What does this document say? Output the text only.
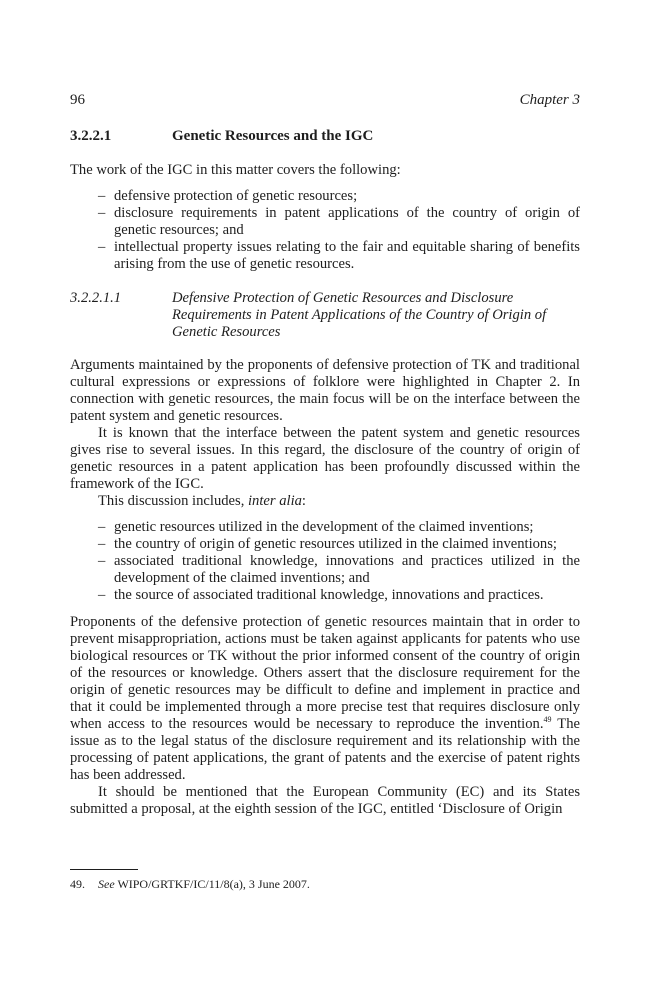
96	Chapter 3
3.2.2.1	Genetic Resources and the IGC

The work of the IGC in this matter covers the following:

– defensive protection of genetic resources;
– disclosure requirements in patent applications of the country of origin of genetic resources; and
– intellectual property issues relating to the fair and equitable sharing of benefits arising from the use of genetic resources.
3.2.2.1.1	Defensive Protection of Genetic Resources and Disclosure Requirements in Patent Applications of the Country of Origin of Genetic Resources

Arguments maintained by the proponents of defensive protection of TK and traditional cultural expressions or expressions of folklore were highlighted in Chapter 2. In connection with genetic resources, the main focus will be on the interface between the patent system and genetic resources.

It is known that the interface between the patent system and genetic resources gives rise to several issues. In this regard, the disclosure of the country of origin of genetic resources in a patent application has been profoundly discussed within the framework of the IGC.

This discussion includes, inter alia:

– genetic resources utilized in the development of the claimed inventions;
– the country of origin of genetic resources utilized in the claimed inventions;
– associated traditional knowledge, innovations and practices utilized in the development of the claimed inventions; and
– the source of associated traditional knowledge, innovations and practices.

Proponents of the defensive protection of genetic resources maintain that in order to prevent misappropriation, actions must be taken against applicants for patents who use biological resources or TK without the prior informed consent of the country of origin of the resources or knowledge. Others assert that the disclosure requirement for the origin of genetic resources may be difficult to define and implement in practice and that it could be implemented through a more precise test that requires disclosure only when access to the resources would be necessary to reproduce the invention.$^{49}$ The issue as to the legal status of the disclosure requirement and its relationship with the processing of patent applications, the grant of patents and the exercise of patent rights has been addressed.

It should be mentioned that the European Community (EC) and its States submitted a proposal, at the eighth session of the IGC, entitled ‘Disclosure of Origin

49. See WIPO/GRTKF/IC/11/8(a), 3 June 2007.
